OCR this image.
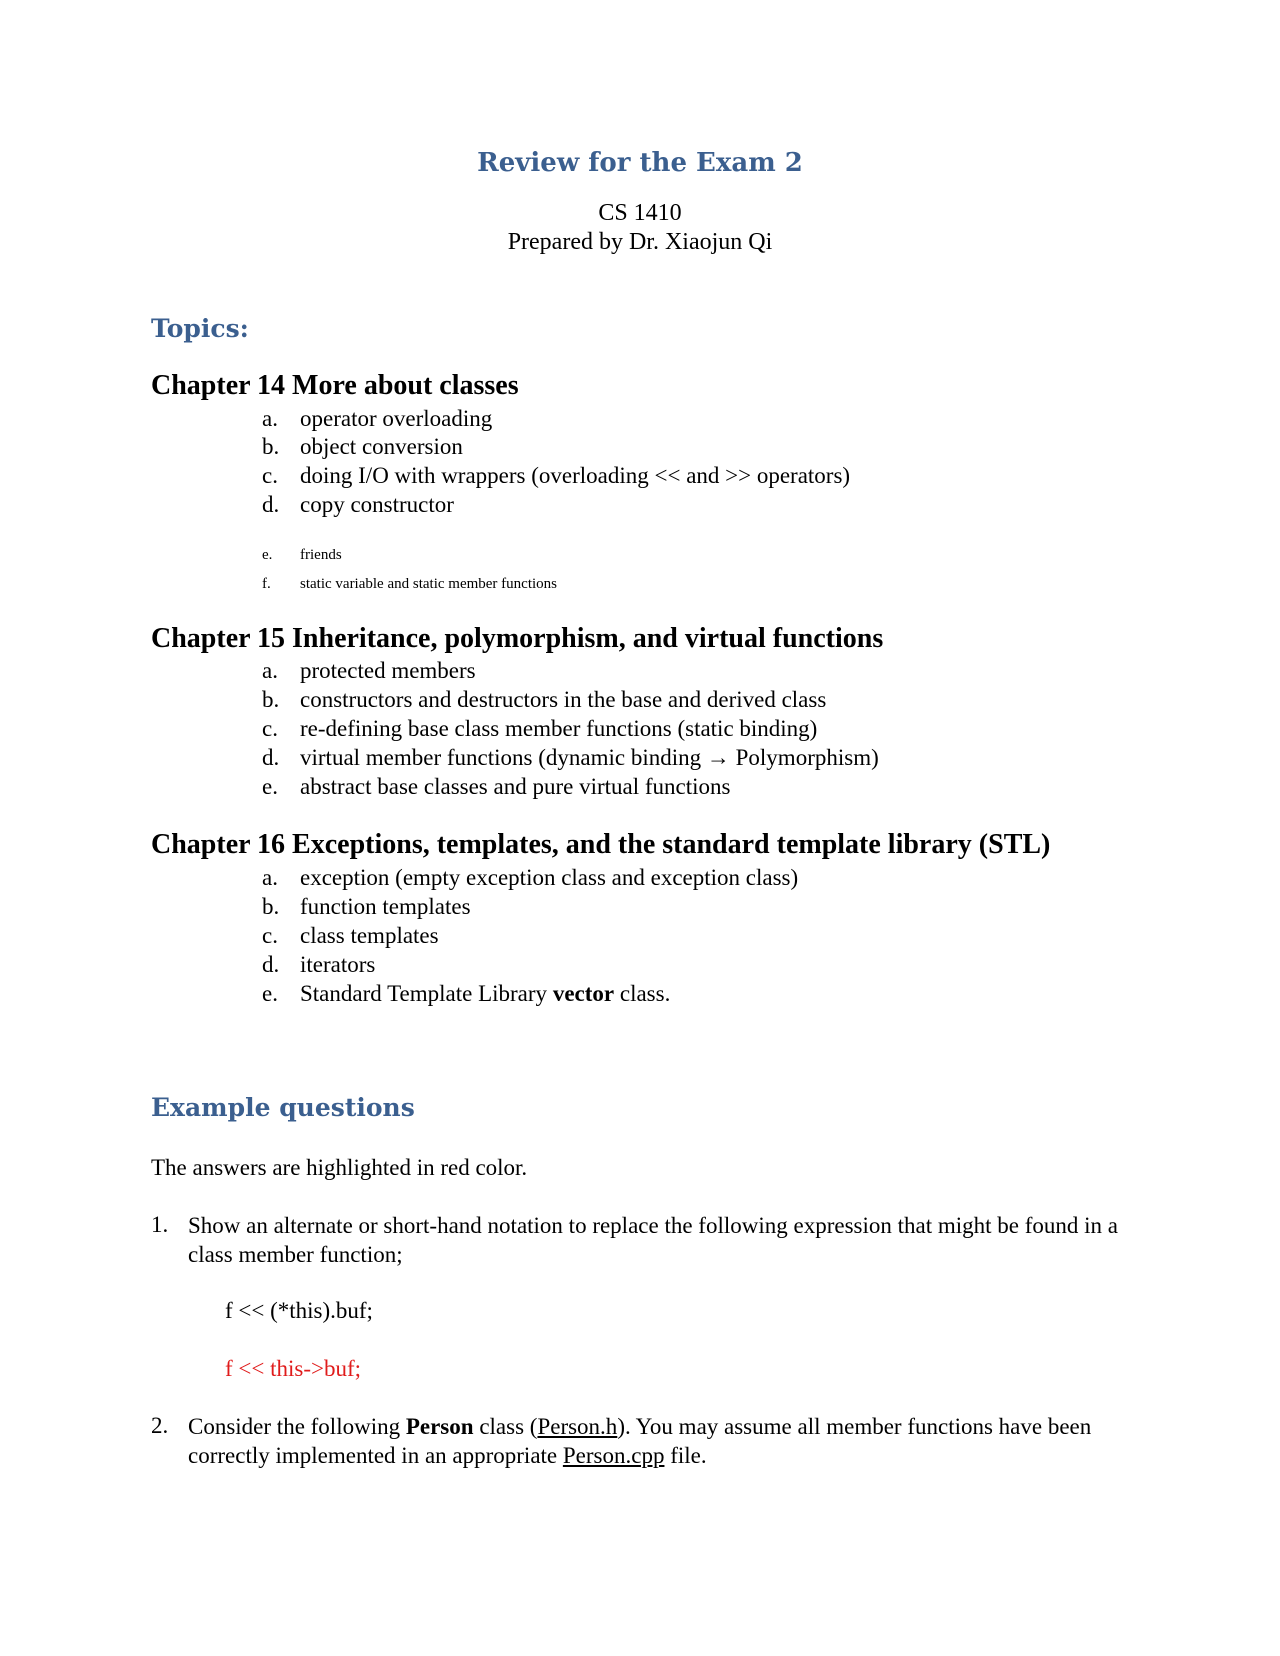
Review for the Exam 2
CS 1410
Prepared by Dr. Xiaojun Qi
Topics:
Chapter 14 More about classes
a. operator overloading
b. object conversion
c. doing I/O with wrappers (overloading << and >> operators)
d. copy constructor
e. friends
f. static variable and static member functions
Chapter 15 Inheritance, polymorphism, and virtual functions
a. protected members
b. constructors and destructors in the base and derived class
c. re-defining base class member functions (static binding)
d. virtual member functions (dynamic binding → Polymorphism)
e. abstract base classes and pure virtual functions
Chapter 16 Exceptions, templates, and the standard template library (STL)
a. exception (empty exception class and exception class)
b. function templates
c. class templates
d. iterators
e. Standard Template Library vector class.
Example questions
The answers are highlighted in red color.
1. Show an alternate or short-hand notation to replace the following expression that might be found in a class member function;
f << (*this).buf;
f << this->buf;
2. Consider the following Person class (Person.h). You may assume all member functions have been correctly implemented in an appropriate Person.cpp file.
